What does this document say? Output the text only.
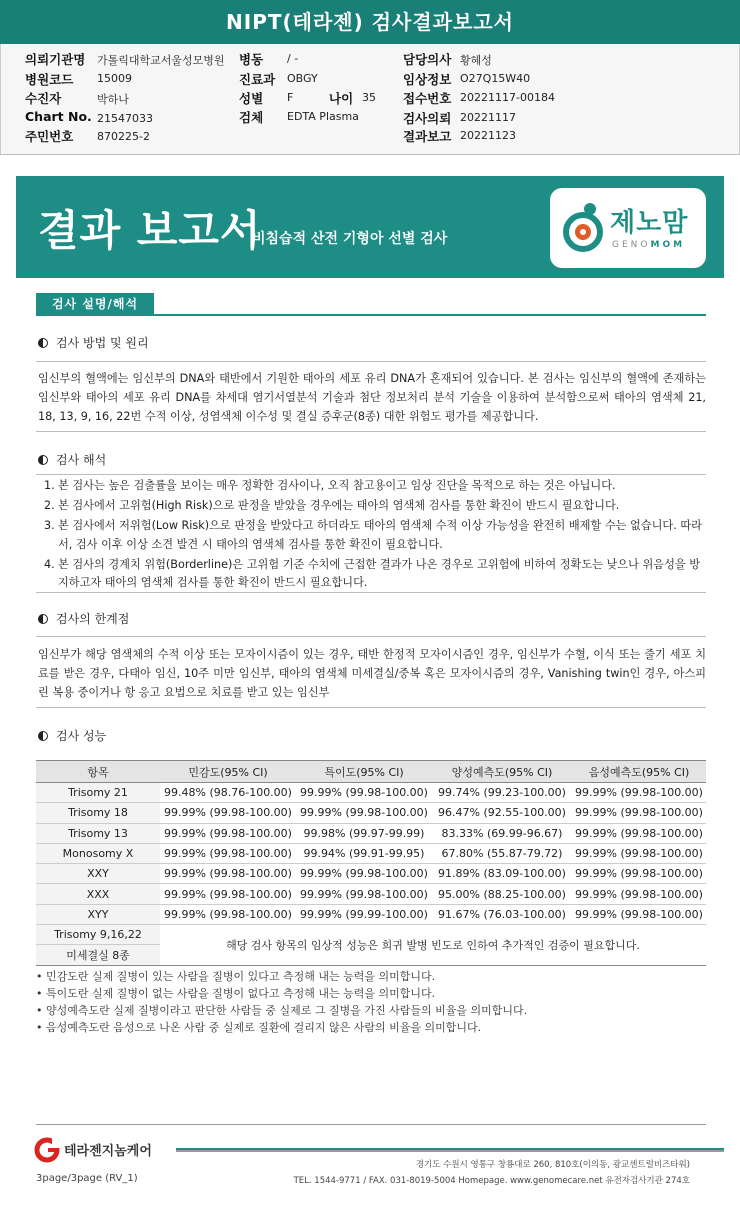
NIPT(테라젠) 검사결과보고서
의뢰기관명 가톨릭대학교서울성모병원
병원코드 15009
수진자	박하나
Chart No. 21547033
주민번호 870225-2
병동 / -
진료과 OBGY
성별 F	나이 35
검체 EDTA Plasma
담당의사 황혜성
임상정보 O27Q15W40
접수번호 20221117-00184
검사의뢰 20221117
결과보고 20221123
결과 보고서
비침습적 산전 기형아 선별 검사
제노맘
GENOMOM
검사 설명/해석
검사 방법 및 원리
임신부의 혈액에는 임신부의 DNA와 태반에서 기원한 태아의 세포 유리 DNA가 혼재되어 있습니다. 본 검사는 임신부의 혈액에 존재하는 임신부와 태아의 세포 유리 DNA를 차세대 염기서열분석 기술과 첨단 정보처리 분석 기술을 이용하여 분석함으로써 태아의 염색체 21, 18, 13, 9, 16, 22번 수적 이상, 성염색체 이수성 및 결실 증후군(8종) 대한 위험도 평가를 제공합니다.
검사 해석
1. 본 검사는 높은 검출률을 보이는 매우 정확한 검사이나, 오직 참고용이고 임상 진단을 목적으로 하는 것은 아닙니다.
2. 본 검사에서 고위험(High Risk)으로 판정을 받았을 경우에는 태아의 염색체 검사를 통한 확진이 반드시 필요합니다.
3. 본 검사에서 저위험(Low Risk)으로 판정을 받았다고 하더라도 태아의 염색체 수적 이상 가능성을 완전히 배제할 수는 없습니다. 따라서, 검사 이후 이상 소견 발견 시 태아의 염색체 검사를 통한 확진이 필요합니다.
4. 본 검사의 경계치 위험(Borderline)은 고위험 기준 수치에 근접한 결과가 나온 경우로 고위험에 비하여 정확도는 낮으나 위음성을 방지하고자 태아의 염색체 검사를 통한 확진이 반드시 필요합니다.
검사의 한계점
임신부가 해당 염색체의 수적 이상 또는 모자이시즘이 있는 경우, 태반 한정적 모자이시즘인 경우, 임신부가 수혈, 이식 또는 줄기 세포 치료를 받은 경우, 다태아 임신, 10주 미만 임신부, 태아의 염색체 미세결실/중복 혹은 모자이시즘의 경우, Vanishing twin인 경우, 아스피린 복용 중이거나 항 응고 요법으로 치료를 받고 있는 임신부
검사 성능
항목	민감도(95% CI)	특이도(95% CI)	양성예측도(95% CI)	음성예측도(95% CI)
Trisomy 21	99.48% (98.76-100.00)	99.99% (99.98-100.00)	99.74% (99.23-100.00)	99.99% (99.98-100.00)
Trisomy 18	99.99% (99.98-100.00)	99.99% (99.98-100.00)	96.47% (92.55-100.00)	99.99% (99.98-100.00)
Trisomy 13	99.99% (99.98-100.00)	99.98% (99.97-99.99)	83.33% (69.99-96.67)	99.99% (99.98-100.00)
Monosomy X	99.99% (99.98-100.00)	99.94% (99.91-99.95)	67.80% (55.87-79.72)	99.99% (99.98-100.00)
XXY	99.99% (99.98-100.00)	99.99% (99.98-100.00)	91.89% (83.09-100.00)	99.99% (99.98-100.00)
XXX	99.99% (99.98-100.00)	99.99% (99.98-100.00)	95.00% (88.25-100.00)	99.99% (99.98-100.00)
XYY	99.99% (99.98-100.00)	99.99% (99.99-100.00)	91.67% (76.03-100.00)	99.99% (99.98-100.00)
Trisomy 9,16,22	해당 검사 항목의 임상적 성능은 희귀 발병 빈도로 인하여 추가적인 검증이 필요합니다.			
미세결실 8종				
• 민감도란 실제 질병이 있는 사람을 질병이 있다고 측정해 내는 능력을 의미합니다.
• 특이도란 실제 질병이 없는 사람을 질병이 없다고 측정해 내는 능력을 의미합니다.
• 양성예측도란 실제 질병이라고 판단한 사람들 중 실제로 그 질병을 가진 사람들의 비율을 의미합니다.
• 음성예측도란 음성으로 나온 사람 중 실제로 질환에 걸리지 않은 사람의 비율을 의미합니다.
테라젠지놈케어
경기도 수원시 영통구 창룡대로 260, 810호(이의동, 광교센트럴비즈타워)
TEL. 1544-9771 / FAX. 031-8019-5004 Homepage. www.genomecare.net 유전자검사기관 274호
3page/3page (RV_1)
